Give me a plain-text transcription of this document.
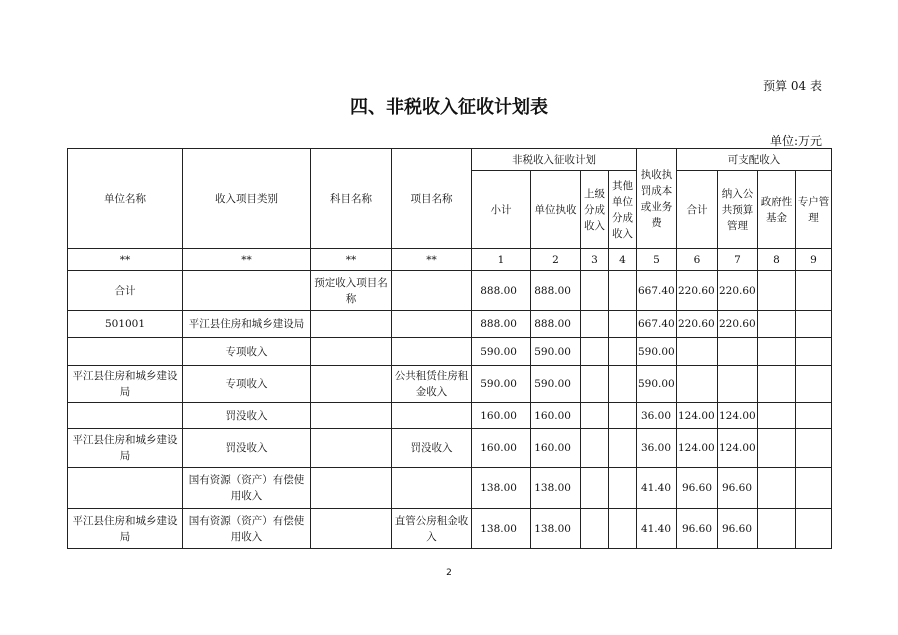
预算 04 表
四、非税收入征收计划表
单位:万元
单位名称	收入项目类别	科目名称	项目名称	非税收入征收计划				执收执罚成本或业务费	可支配收入			
				小计	单位执收	上级分成收入	其他单位分成收入		合计	纳入公共预算管理	政府性基金	专户管理
**	**	**	**	1	2	3	4	5	6	7	8	9
合计		预定收入项目名称		888.00	888.00			667.40	220.60	220.60		
501001	平江县住房和城乡建设局			888.00	888.00			667.40	220.60	220.60		
	专项收入			590.00	590.00			590.00				
平江县住房和城乡建设局	专项收入		公共租赁住房租金收入	590.00	590.00			590.00				
	罚没收入			160.00	160.00			36.00	124.00	124.00		
平江县住房和城乡建设局	罚没收入		罚没收入	160.00	160.00			36.00	124.00	124.00		
	国有资源（资产）有偿使用收入			138.00	138.00			41.40	96.60	96.60		
平江县住房和城乡建设局	国有资源（资产）有偿使用收入		直管公房租金收入	138.00	138.00			41.40	96.60	96.60		
2
